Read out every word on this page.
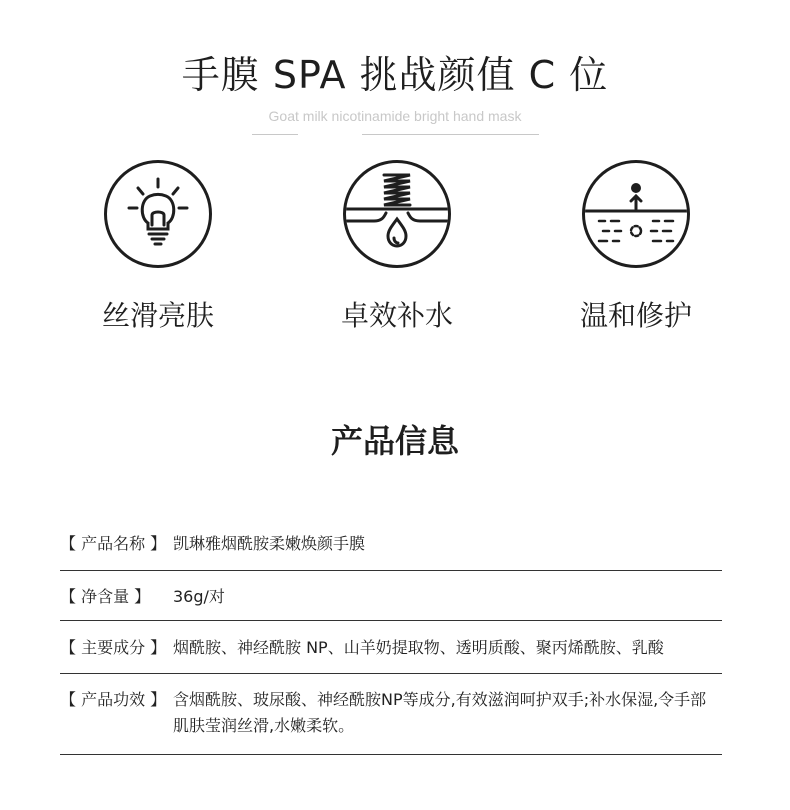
手膜 SPA 挑战颜值 C 位
Goat milk nicotinamide bright hand mask
丝滑亮肤	卓效补水	温和修护
产品信息
【 产品名称 】 凯琳雅烟酰胺柔嫩焕颜手膜
【 净含量 】 36g/对
【 主要成分 】 烟酰胺、神经酰胺 NP、山羊奶提取物、透明质酸、聚丙烯酰胺、乳酸
【 产品功效 】 含烟酰胺、玻尿酸、神经酰胺NP等成分,有效滋润呵护双手;补水保湿,令手部肌肤莹润丝滑,水嫩柔软。
